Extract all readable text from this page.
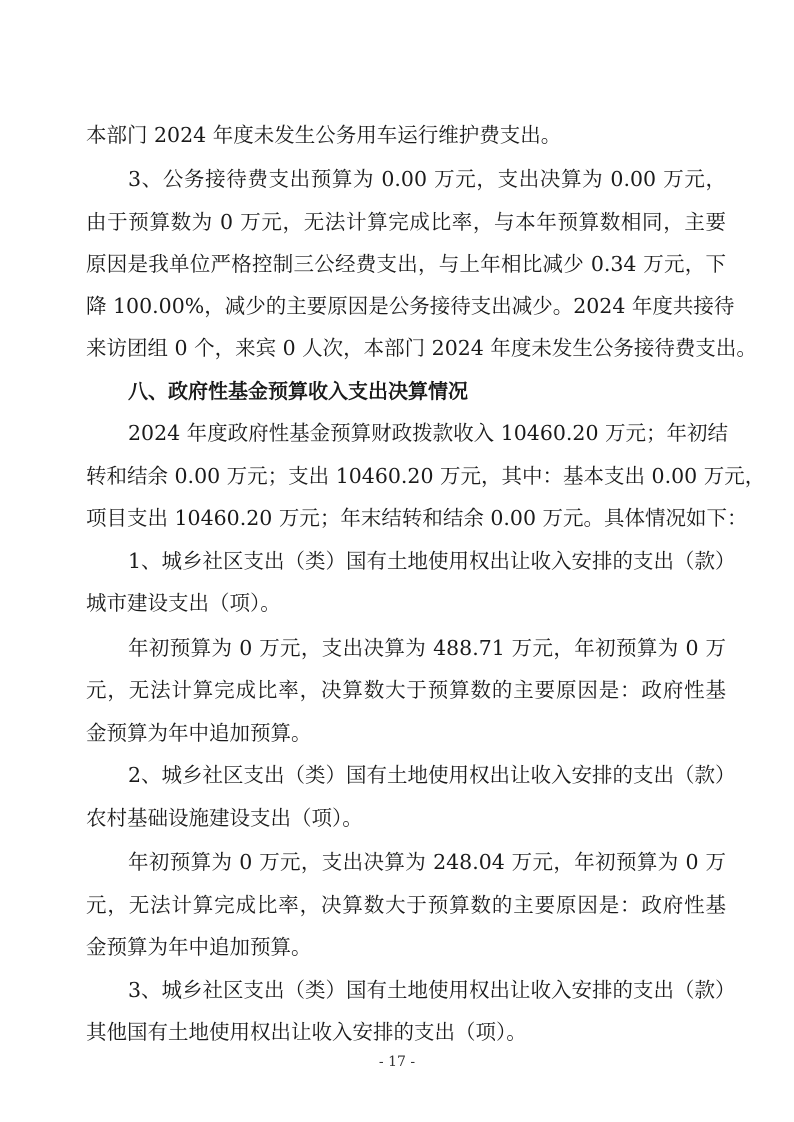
本部门 2024 年度未发生公务用车运行维护费支出。
3、公务接待费支出预算为 0.00 万元，支出决算为 0.00 万元，
由于预算数为 0 万元，无法计算完成比率，与本年预算数相同，主要
原因是我单位严格控制三公经费支出，与上年相比减少 0.34 万元，下
降 100.00%，减少的主要原因是公务接待支出减少。2024 年度共接待
来访团组 0 个，来宾 0 人次，本部门 2024 年度未发生公务接待费支出。
八、政府性基金预算收入支出决算情况
2024 年度政府性基金预算财政拨款收入 10460.20 万元；年初结
转和结余 0.00 万元；支出 10460.20 万元，其中：基本支出 0.00 万元，
项目支出 10460.20 万元；年末结转和结余 0.00 万元。具体情况如下：
1、城乡社区支出（类）国有土地使用权出让收入安排的支出（款）
城市建设支出（项）。
年初预算为 0 万元，支出决算为 488.71 万元，年初预算为 0 万
元，无法计算完成比率，决算数大于预算数的主要原因是：政府性基
金预算为年中追加预算。
2、城乡社区支出（类）国有土地使用权出让收入安排的支出（款）
农村基础设施建设支出（项）。
年初预算为 0 万元，支出决算为 248.04 万元，年初预算为 0 万
元，无法计算完成比率，决算数大于预算数的主要原因是：政府性基
金预算为年中追加预算。
3、城乡社区支出（类）国有土地使用权出让收入安排的支出（款）
其他国有土地使用权出让收入安排的支出（项）。
- 17 -
